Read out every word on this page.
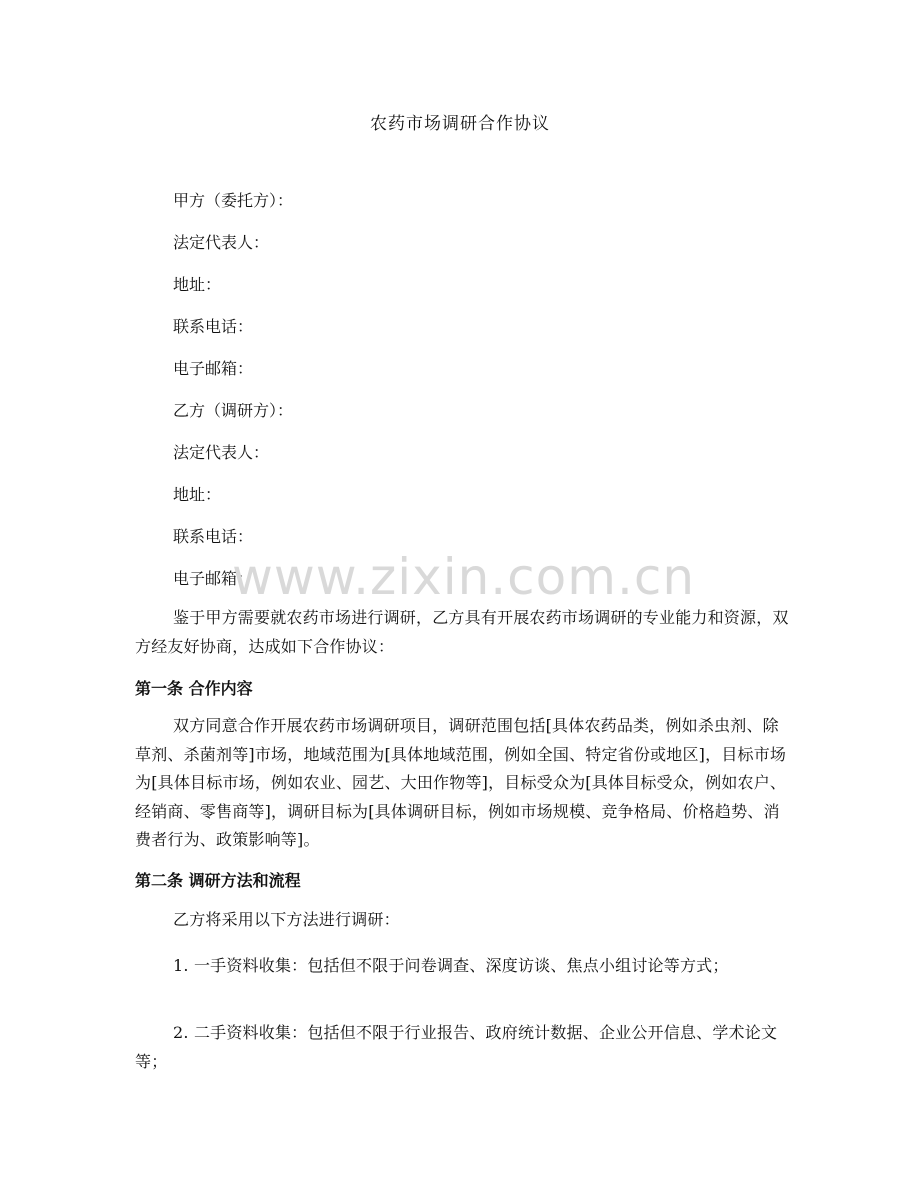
农药市场调研合作协议
甲方（委托方）：
法定代表人：
地址：
联系电话：
电子邮箱：
乙方（调研方）：
法定代表人：
地址：
联系电话：
电子邮箱：
鉴于甲方需要就农药市场进行调研，乙方具有开展农药市场调研的专业能力和资源，双方经友好协商，达成如下合作协议：
第一条 合作内容
双方同意合作开展农药市场调研项目，调研范围包括[具体农药品类，例如杀虫剂、除草剂、杀菌剂等]市场，地域范围为[具体地域范围，例如全国、特定省份或地区]，目标市场为[具体目标市场，例如农业、园艺、大田作物等]，目标受众为[具体目标受众，例如农户、经销商、零售商等]，调研目标为[具体调研目标，例如市场规模、竞争格局、价格趋势、消费者行为、政策影响等]。
第二条 调研方法和流程
乙方将采用以下方法进行调研：
1. 一手资料收集：包括但不限于问卷调查、深度访谈、焦点小组讨论等方式；
2. 二手资料收集：包括但不限于行业报告、政府统计数据、企业公开信息、学术论文等；
www.zixin.com.cn
